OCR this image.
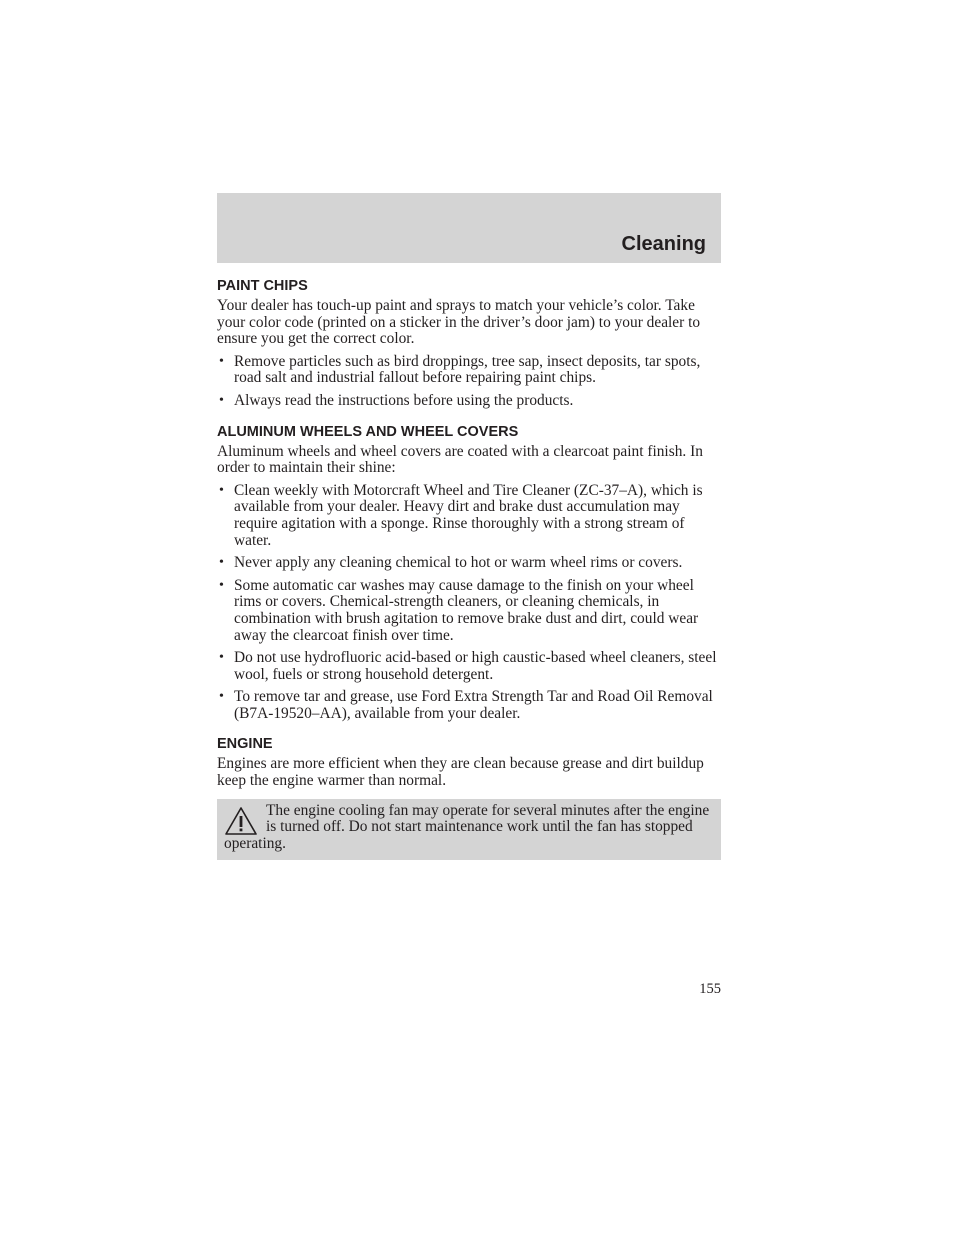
Cleaning
PAINT CHIPS

Your dealer has touch-up paint and sprays to match your vehicle’s color. Take your color code (printed on a sticker in the driver’s door jam) to your dealer to ensure you get the correct color.

• Remove particles such as bird droppings, tree sap, insect deposits, tar spots, road salt and industrial fallout before repairing paint chips.
• Always read the instructions before using the products.
ALUMINUM WHEELS AND WHEEL COVERS

Aluminum wheels and wheel covers are coated with a clearcoat paint finish. In order to maintain their shine:

• Clean weekly with Motorcraft Wheel and Tire Cleaner (ZC-37–A), which is available from your dealer. Heavy dirt and brake dust accumulation may require agitation with a sponge. Rinse thoroughly with a strong stream of water.
• Never apply any cleaning chemical to hot or warm wheel rims or covers.
• Some automatic car washes may cause damage to the finish on your wheel rims or covers. Chemical-strength cleaners, or cleaning chemicals, in combination with brush agitation to remove brake dust and dirt, could wear away the clearcoat finish over time.
• Do not use hydrofluoric acid-based or high caustic-based wheel cleaners, steel wool, fuels or strong household detergent.
• To remove tar and grease, use Ford Extra Strength Tar and Road Oil Removal (B7A-19520–AA), available from your dealer.
ENGINE

Engines are more efficient when they are clean because grease and dirt buildup keep the engine warmer than normal.

The engine cooling fan may operate for several minutes after the engine is turned off. Do not start maintenance work until the fan has stopped operating.
155
